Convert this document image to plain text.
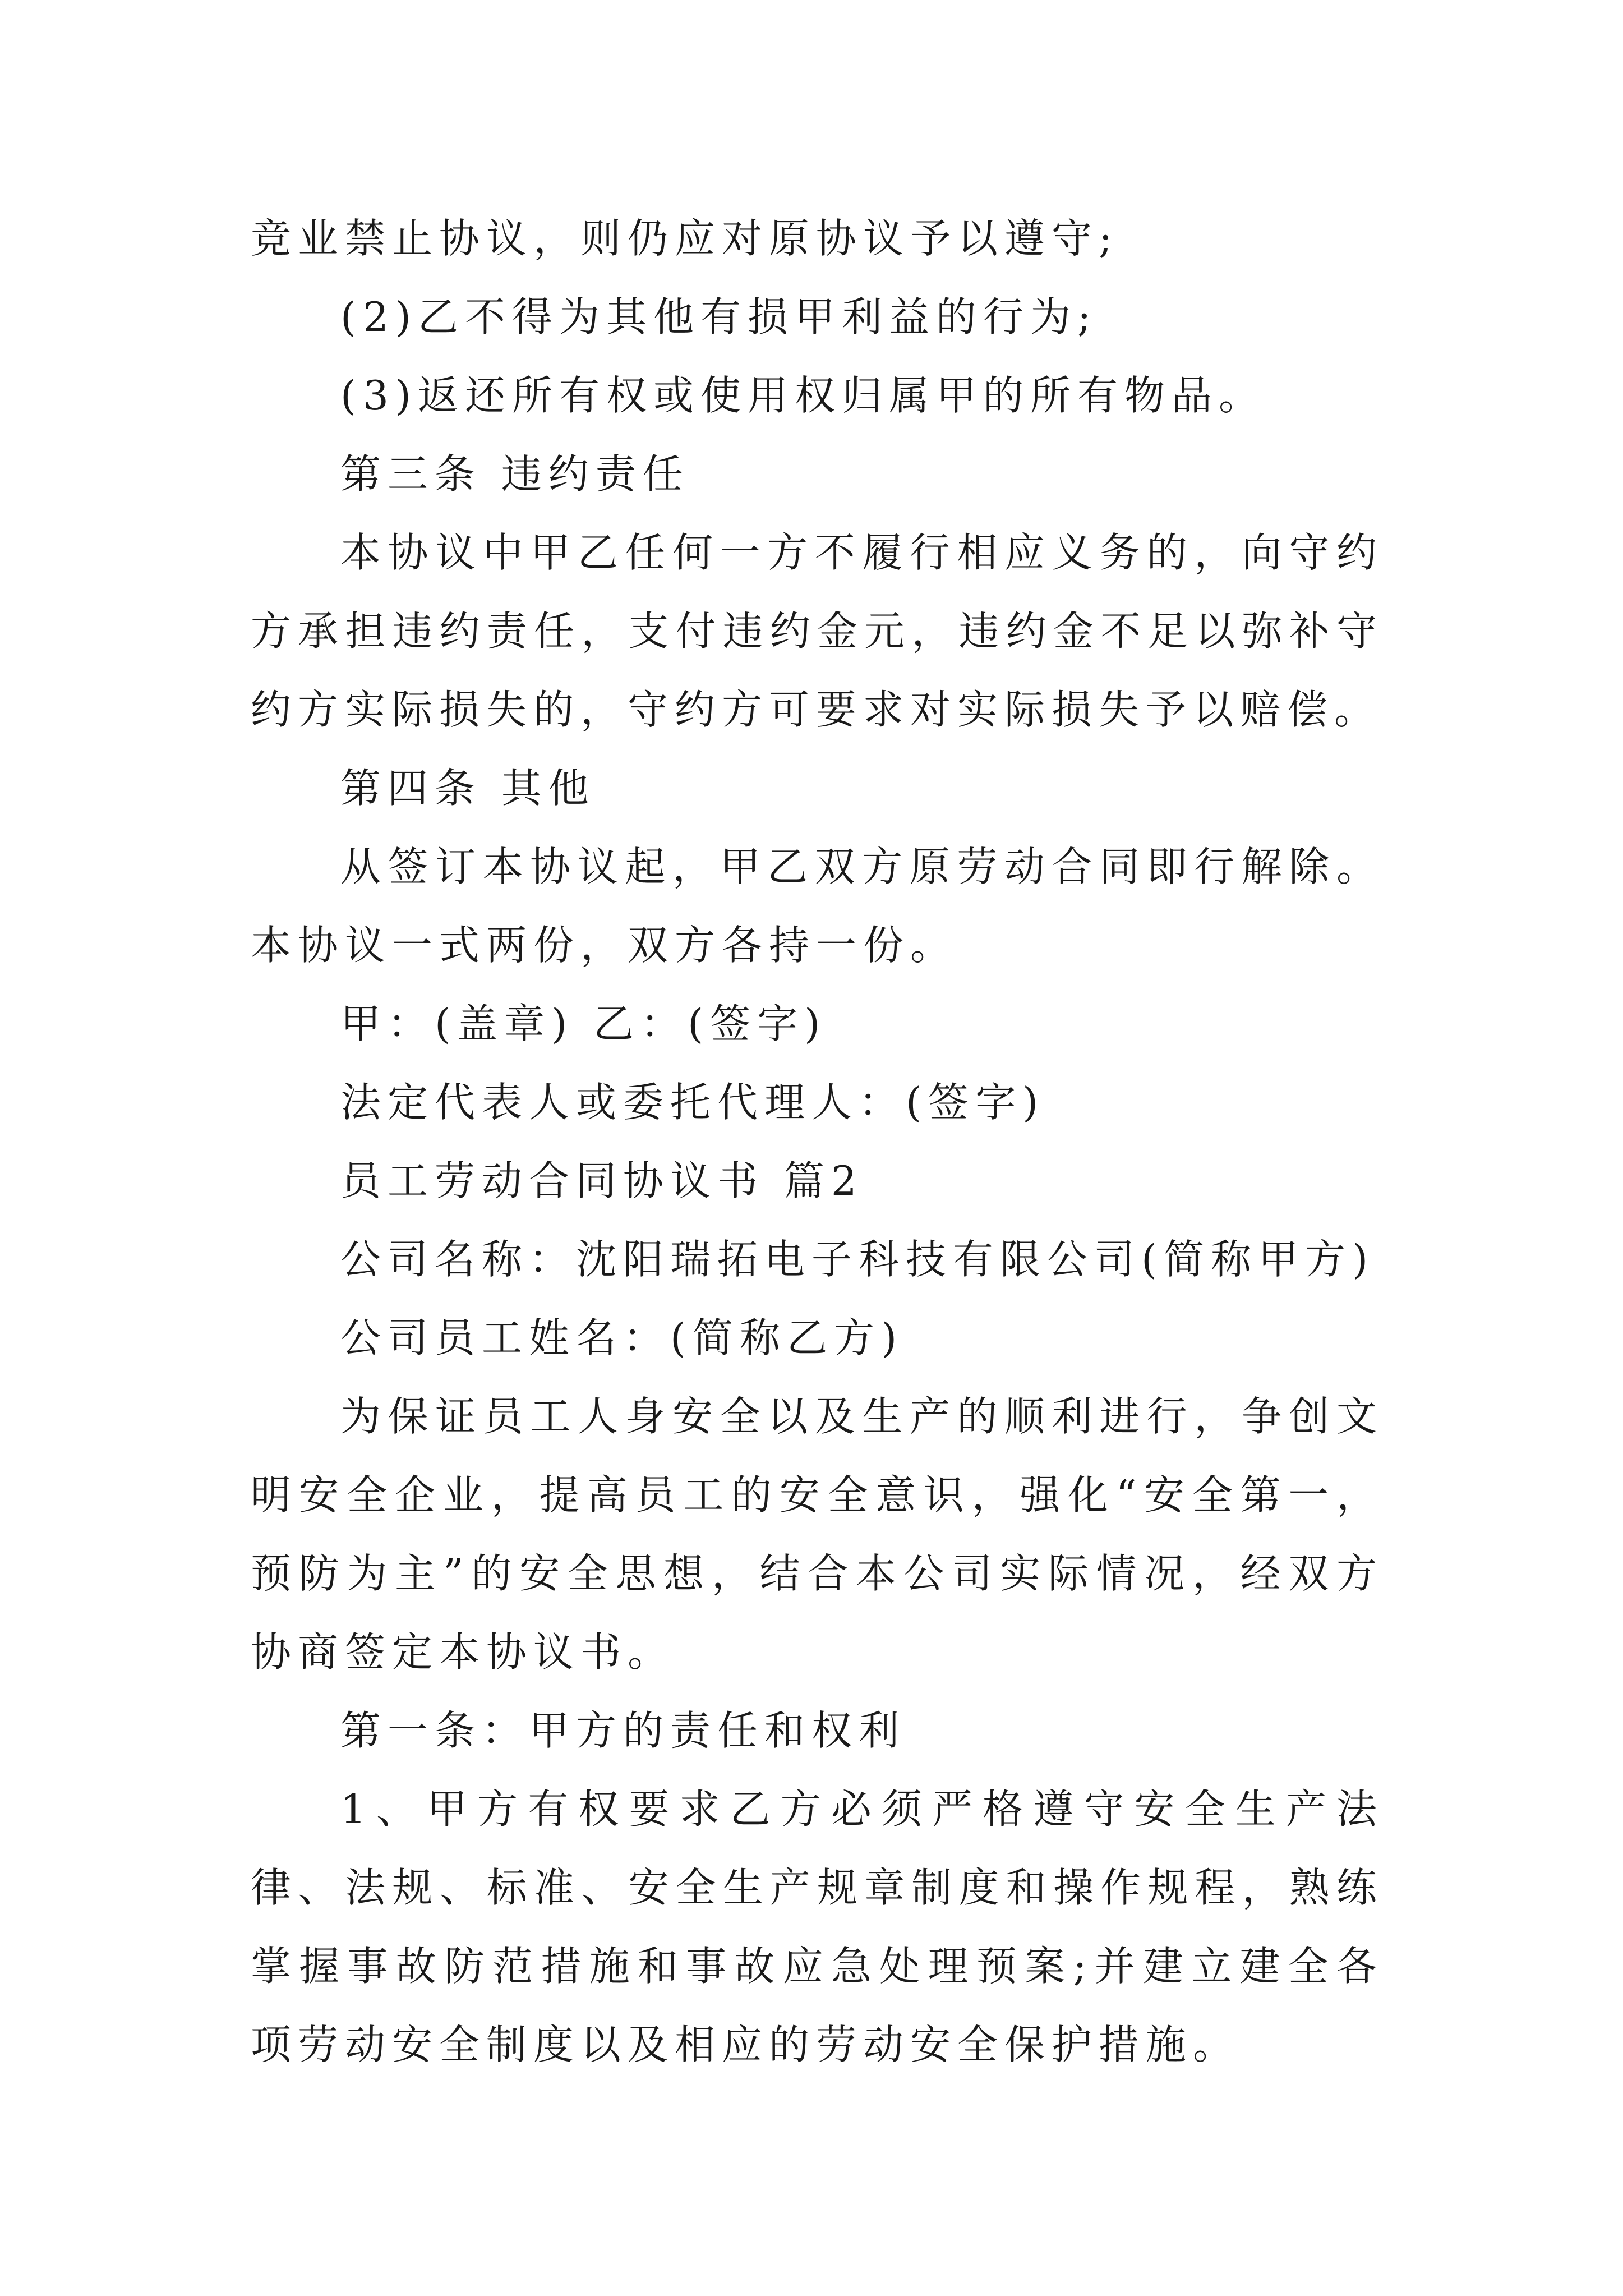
竞业禁止协议，则仍应对原协议予以遵守;

(2)乙不得为其他有损甲利益的行为;

(3)返还所有权或使用权归属甲的所有物品。

第三条 违约责任

本协议中甲乙任何一方不履行相应义务的，向守约方承担违约责任，支付违约金元，违约金不足以弥补守约方实际损失的，守约方可要求对实际损失予以赔偿。

第四条 其他

从签订本协议起，甲乙双方原劳动合同即行解除。本协议一式两份，双方各持一份。

甲：(盖章) 乙：(签字)

法定代表人或委托代理人：(签字)

员工劳动合同协议书 篇2

公司名称：沈阳瑞拓电子科技有限公司(简称甲方)

公司员工姓名：(简称乙方)

为保证员工人身安全以及生产的顺利进行，争创文明安全企业，提高员工的安全意识，强化“安全第一，预防为主”的安全思想，结合本公司实际情况，经双方协商签定本协议书。

第一条：甲方的责任和权利

1、甲方有权要求乙方必须严格遵守安全生产法律、法规、标准、安全生产规章制度和操作规程，熟练掌握事故防范措施和事故应急处理预案;并建立建全各项劳动安全制度以及相应的劳动安全保护措施。
